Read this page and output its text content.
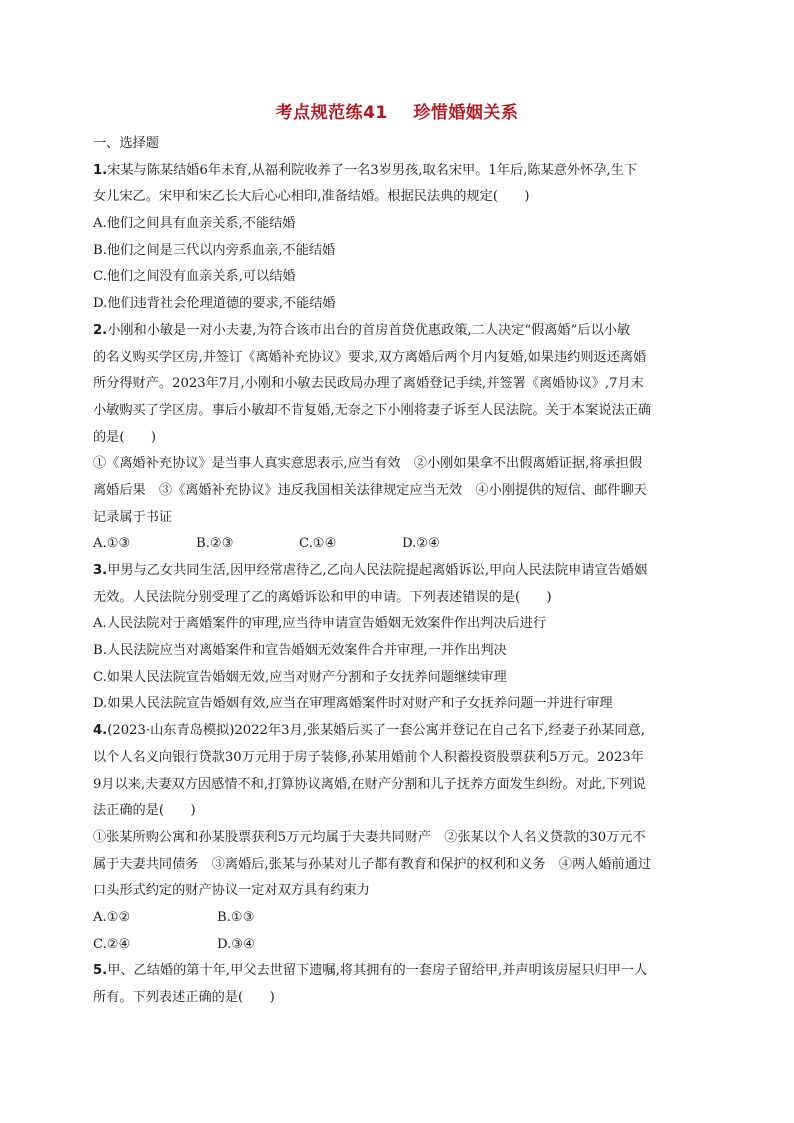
考点规范练41    珍惜婚姻关系
一、选择题
1.宋某与陈某结婚6年未育,从福利院收养了一名3岁男孩,取名宋甲。1年后,陈某意外怀孕,生下
女儿宋乙。宋甲和宋乙长大后心心相印,准备结婚。根据民法典的规定(　　)
A.他们之间具有血亲关系,不能结婚
B.他们之间是三代以内旁系血亲,不能结婚
C.他们之间没有血亲关系,可以结婚
D.他们违背社会伦理道德的要求,不能结婚
2.小刚和小敏是一对小夫妻,为符合该市出台的首房首贷优惠政策,二人决定“假离婚”后以小敏
的名义购买学区房,并签订《离婚补充协议》要求,双方离婚后两个月内复婚,如果违约则返还离婚
所分得财产。2023年7月,小刚和小敏去民政局办理了离婚登记手续,并签署《离婚协议》,7月末
小敏购买了学区房。事后小敏却不肯复婚,无奈之下小刚将妻子诉至人民法院。关于本案说法正确
的是(　　)
①《离婚补充协议》是当事人真实意思表示,应当有效　②小刚如果拿不出假离婚证据,将承担假
离婚后果　③《离婚补充协议》违反我国相关法律规定应当无效　④小刚提供的短信、邮件聊天
记录属于书证
A.①③	B.②③	C.①④	D.②④
3.甲男与乙女共同生活,因甲经常虐待乙,乙向人民法院提起离婚诉讼,甲向人民法院申请宣告婚姻
无效。人民法院分别受理了乙的离婚诉讼和甲的申请。下列表述错误的是(　　)
A.人民法院对于离婚案件的审理,应当待申请宣告婚姻无效案件作出判决后进行
B.人民法院应当对离婚案件和宣告婚姻无效案件合并审理,一并作出判决
C.如果人民法院宣告婚姻无效,应当对财产分割和子女抚养问题继续审理
D.如果人民法院宣告婚姻有效,应当在审理离婚案件时对财产和子女抚养问题一并进行审理
4.(2023·山东青岛模拟)2022年3月,张某婚后买了一套公寓并登记在自己名下,经妻子孙某同意,
以个人名义向银行贷款30万元用于房子装修,孙某用婚前个人积蓄投资股票获利5万元。2023年
9月以来,夫妻双方因感情不和,打算协议离婚,在财产分割和儿子抚养方面发生纠纷。对此,下列说
法正确的是(　　)
①张某所购公寓和孙某股票获利5万元均属于夫妻共同财产　②张某以个人名义贷款的30万元不
属于夫妻共同债务　③离婚后,张某与孙某对儿子都有教育和保护的权利和义务　④两人婚前通过
口头形式约定的财产协议一定对双方具有约束力
A.①②	B.①③
C.②④	D.③④
5.甲、乙结婚的第十年,甲父去世留下遗嘱,将其拥有的一套房子留给甲,并声明该房屋只归甲一人
所有。下列表述正确的是(　　)
